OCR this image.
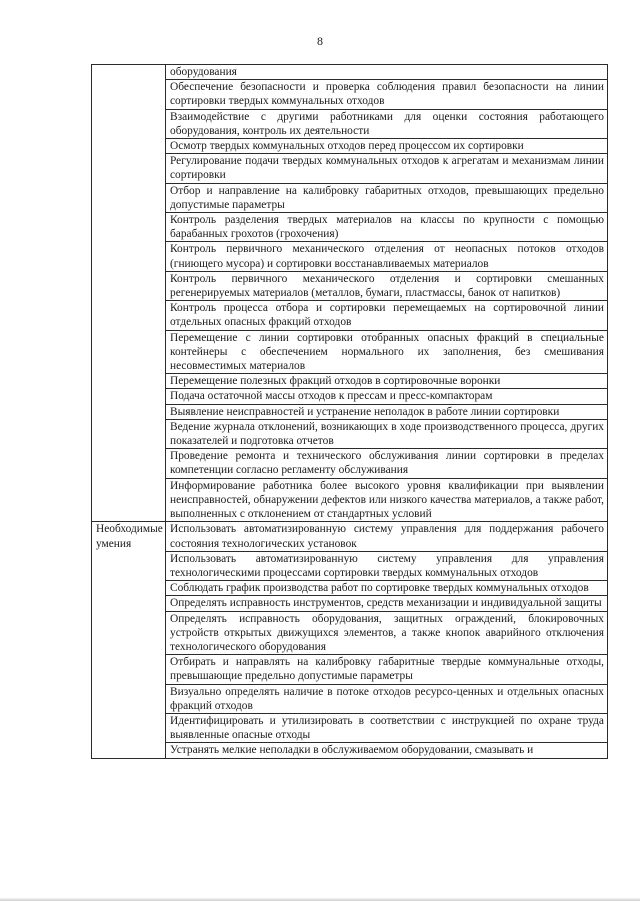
8
	оборудования
	Обеспечение безопасности и проверка соблюдения правил безопасности на линии сортировки твердых коммунальных отходов
	Взаимодействие с другими работниками для оценки состояния работающего оборудования, контроль их деятельности
	Осмотр твердых коммунальных отходов перед процессом их сортировки
	Регулирование подачи твердых коммунальных отходов к агрегатам и механизмам линии сортировки
	Отбор и направление на калибровку габаритных отходов, превышающих предельно допустимые параметры
	Контроль разделения твердых материалов на классы по крупности с помощью барабанных грохотов (грохочения)
	Контроль первичного механического отделения от неопасных потоков отходов (гниющего мусора) и сортировки восстанавливаемых материалов
	Контроль первичного механического отделения и сортировки смешанных регенерируемых материалов (металлов, бумаги, пластмассы, банок от напитков)
	Контроль процесса отбора и сортировки перемещаемых на сортировочной линии отдельных опасных фракций отходов
	Перемещение с линии сортировки отобранных опасных фракций в специальные контейнеры с обеспечением нормального их заполнения, без смешивания несовместимых материалов
	Перемещение полезных фракций отходов в сортировочные воронки
	Подача остаточной массы отходов к прессам и пресс-компакторам
	Выявление неисправностей и устранение неполадок в работе линии сортировки
	Ведение журнала отклонений, возникающих в ходе производственного процесса, других показателей и подготовка отчетов
	Проведение ремонта и технического обслуживания линии сортировки в пределах компетенции согласно регламенту обслуживания
	Информирование работника более высокого уровня квалификации при выявлении неисправностей, обнаружении дефектов или низкого качества материалов, а также работ, выполненных с отклонением от стандартных условий
Необходимые умения	Использовать автоматизированную систему управления для поддержания рабочего состояния технологических установок
	Использовать автоматизированную систему управления для управления технологическими процессами сортировки твердых коммунальных отходов
	Соблюдать график производства работ по сортировке твердых коммунальных отходов
	Определять исправность инструментов, средств механизации и индивидуальной защиты
	Определять исправность оборудования, защитных ограждений, блокировочных устройств открытых движущихся элементов, а также кнопок аварийного отключения технологического оборудования
	Отбирать и направлять на калибровку габаритные твердые коммунальные отходы, превышающие предельно допустимые параметры
	Визуально определять наличие в потоке отходов ресурсо-ценных и отдельных опасных фракций отходов
	Идентифицировать и утилизировать в соответствии с инструкцией по охране труда выявленные опасные отходы
	Устранять мелкие неполадки в обслуживаемом оборудовании, смазывать и
